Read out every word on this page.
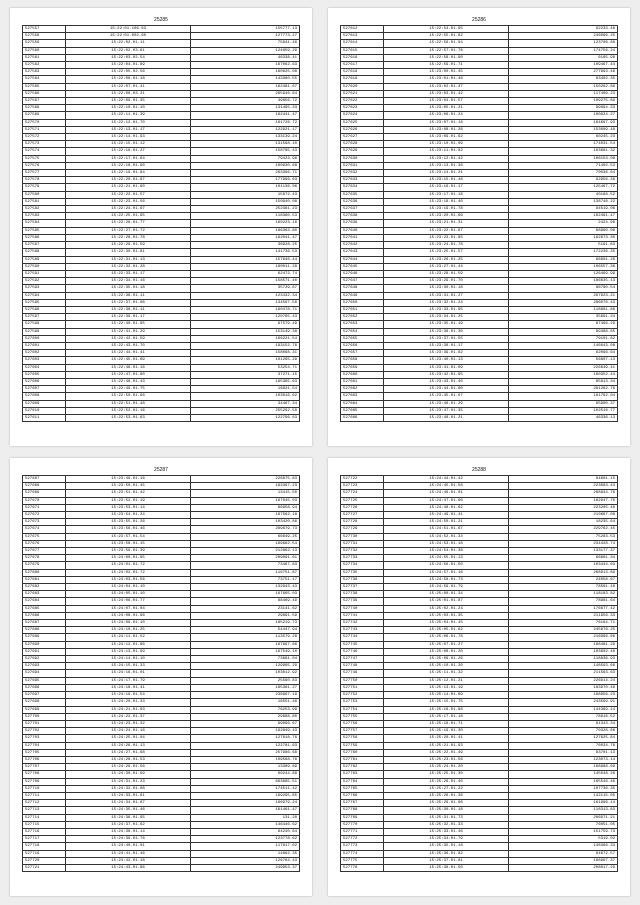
25285
527557	15:22:01.106.63	155777.13
527558	15:22:01.002.60	127773.27
527559	15:22:02.01.11	75841.46
527560	15:22:02.03.61	124859.29
527561	15:22:03.02.54	46338.41
527562	15:22:04.01.89	167062.63
527563	15:22:05.02.56	160625.08
527564	15:22:06.01.18	143360.55
527565	15:22:07.01.41	162481.67
527566	15:22:08.03.21	265946.64
527567	15:22:09.01.35	49656.72
527568	15:22:10.01.10	131495.33
527569	15:22:11.01.39	162441.47
527570	15:22:12.01.70	161726.72
527571	15:22:13.01.17	122921.17
527572	15:22:14.01.93	133139.24
527573	15:22:15.01.12	131598.10
527574	15:22:16.01.27	158785.43
527575	15:22:17.01.64	79423.96
527576	15:22:18.01.90	100930.68
527577	15:22:19.01.84	263396.71
527578	15:22:20.01.67	177996.63
527579	15:22:21.01.90	101136.06
527580	15:22:22.01.57	15872.43
527581	15:22:23.01.56	150940.08
527582	15:22:24.01.67	252361.23
527583	15:22:25.01.95	118360.53
527584	15:22:26.01.77	160223.16
527585	15:22:27.01.72	186363.80
527586	15:22:28.01.78	162041.47
527587	15:22:29.01.59	36928.25
527588	15:22:30.01.81	141736.53
527589	15:22:31.01.13	157646.44
527590	15:22:32.01.28	180011.28
527591	15:22:33.01.17	62472.74
527592	15:22:34.01.16	158571.40
527593	15:22:35.01.18	35729.67
527594	15:22:36.01.11	123432.34
527595	15:22:37.01.06	134597.56
527596	15:22:38.01.11	160478.71
527597	15:22:39.01.17	120765.43
527598	15:22:40.01.95	97579.49
527599	15:22:41.01.29	153149.38
527600	15:22:42.01.59	166221.54
527601	15:22:43.01.70	183152.76
527602	15:22:44.01.41	158068.31
527603	15:22:45.01.69	101295.29
527604	15:22:46.01.16	53254.71
527605	15:22:47.01.80	37271.15
527606	15:22:48.01.43	165365.63
527607	15:22:49.01.75	16621.54
527608	15:22:50.01.96	103016.62
527609	15:22:51.01.48	34467.34
527610	15:22:52.01.16	255292.58
527611	15:22:53.01.63	122796.63
25286
527612	15:22:54.01.95	92233.48
527613	15:22:55.01.82	246096.25
527614	15:22:56.01.94	123706.88
527615	15:22:57.01.76	174756.24
527616	15:22:58.01.90	6165.98
527617	15:22:59.01.71	109467.44
527618	15:23:00.01.45	277993.46
527619	15:23:01.01.46	63402.35
527620	15:23:02.01.47	150292.89
527621	15:23:03.01.42	117409.23
527622	15:23:04.01.57	109275.89
527623	15:23:05.01.21	99694.33
527624	15:23:06.01.24	100934.27
527625	15:23:07.01.18	164697.93
527626	15:23:08.01.26	153009.48
527627	15:23:09.01.62	60245.23
527628	15:23:10.01.09	174031.54
527629	15:23:11.01.82	103681.32
527630	15:23:12.01.42	106153.08
527631	15:23:13.01.36	71402.53
527632	15:23:14.01.21	70036.64
527633	15:23:15.01.48	92956.36
527634	15:23:16.01.17	125467.72
527635	15:23:17.01.18	40188.52
527636	15:23:18.01.40	138748.22
527637	15:23:19.01.78	84519.06
527638	15:23:20.01.66	162491.47
527639	15:23:21.01.31	2424.96
527640	15:23:22.01.87	88990.06
527641	15:23:23.01.85	162673.30
527642	15:23:24.01.78	5191.83
527643	15:23:25.01.57	172236.35
527644	15:23:26.01.25	86901.26
527645	15:23:27.01.44	106557.36
527646	15:23:28.01.59	126469.99
527647	15:23:29.01.70	186635.13
527648	15:23:30.01.18	86790.54
527649	15:23:31.01.27	297923.21
527650	15:23:32.01.24	286076.43
527651	15:23:33.01.95	118681.86
527652	15:23:34.01.25	35691.24
527653	15:23:35.01.19	87496.29
527654	15:23:36.01.30	89488.65
527655	15:23:37.01.55	79101.82
527656	15:23:38.01.17	146643.08
527657	15:23:39.01.82	62096.64
527658	15:23:40.01.13	56807.13
527659	15:23:41.01.09	226649.41
527660	15:23:42.01.65	160352.44
527661	15:23:43.01.40	85813.34
527662	15:23:44.01.80	281262.76
527663	15:23:45.01.67	181762.04
527664	15:23:46.01.29	95900.37
527665	15:23:47.01.35	102516.77
527666	15:23:48.01.21	46336.13
25287
527667	15:23:49.01.16	226875.83
527668	15:23:50.01.45	183397.23
527669	15:23:51.01.42	13415.50
527670	15:23:52.01.19	167045.03
527671	15:23:53.01.14	66958.94
527672	15:23:54.01.24	187562.18
527673	15:23:55.01.26	103420.86
527674	15:23:56.01.46	289679.73
527675	15:23:57.01.54	66649.25
527676	15:23:58.01.15	169662.54
527677	15:23:59.01.39	212862.13
527678	15:24:00.01.95	209091.61
527679	15:24:01.01.72	73467.83
527680	15:24:02.01.72	116751.87
527681	15:24:03.01.56	73751.17
527682	15:24:04.01.10	132943.43
527683	15:24:05.01.10	167665.03
527684	15:24:06.01.77	88469.49
527685	15:24:07.01.04	23141.62
527686	15:24:08.01.96	29891.59
527687	15:24:09.01.10	185219.73
527688	15:24:10.01.25	54447.94
527689	15:24:11.01.52	113579.28
527690	15:24:12.01.86	167697.66
527691	15:24:13.01.99	167549.10
527692	15:24:14.01.10	73661.04
527693	15:24:15.01.33	129965.29
527694	15:24:16.01.01	103012.92
527695	15:24:17.01.79	25590.83
527696	15:24:18.01.41	185361.27
527697	15:24:19.01.54	236967.19
527698	15:24:20.01.33	16551.46
527699	15:24:21.01.63	76253.99
527700	15:24:22.01.37	29688.80
527701	15:24:23.01.32	99096.67
527702	15:24:24.01.16	192849.43
527703	15:24:25.01.04	127818.76
527704	15:24:26.01.13	122781.63
527705	15:24:27.01.68	257986.68
527706	15:24:28.01.53	109568.76
527707	15:24:29.01.56	13389.89
527708	15:24:30.01.99	60244.89
527709	15:24:31.01.23	663685.51
527710	15:24:32.01.08	174511.42
527711	15:24:33.01.61	169295.85
527712	15:24:34.01.87	166979.24
527713	15:24:35.01.46	161461.47
527714	15:24:36.01.95	131.28
527715	15:24:37.01.62	146446.62
527716	15:24:38.01.14	64240.64
527717	15:24:39.01.76	123778.62
527718	15:24:40.01.01	117917.02
527719	15:24:41.01.46	14862.35
527720	15:24:42.01.18	126764.43
527721	15:24:43.01.86	249953.37
25288
527722	15:24:44.01.42	84801.15
527723	15:24:45.01.58	223083.43
527724	15:24:46.01.01	288834.76
527725	15:24:47.01.66	182947.70
527726	15:24:48.01.62	223205.48
527727	15:24:49.01.41	210667.08
527728	15:24:50.01.21	18235.64
527729	15:24:51.01.67	229762.45
527730	15:24:52.01.34	75283.53
527731	15:24:53.01.18	234428.74
527732	15:24:54.01.36	133177.37
527733	15:24:55.01.13	66661.34
527734	15:24:56.01.50	103444.63
527735	15:24:57.01.16	268913.89
527736	15:24:58.01.73	24058.67
527737	15:24:59.01.79	78561.18
527738	15:25:00.01.34	118183.82
527739	15:25:01.01.87	78981.64
527740	15:25:02.01.24	176677.42
527741	15:25:03.01.35	211956.33
527742	15:25:04.01.45	76164.71
527743	15:25:05.01.62	245676.25
527744	15:25:06.01.78	216966.66
527745	15:25:07.01.27	168481.29
527746	15:25:08.01.20	103602.48
527747	15:25:09.01.26	118836.93
527748	15:25:10.01.20	148593.66
527749	15:25:11.01.32	211563.63
527750	15:25:12.01.21	226914.24
527751	15:25:13.01.19	183970.49
527752	15:25:14.01.69	188956.23
527753	15:25:15.01.75	243599.91
527754	15:25:16.01.98	144369.14
527755	15:25:17.01.18	78916.52
527756	15:25:18.01.71	61343.34
527757	15:25:19.01.30	70328.66
527758	15:25:20.01.41	127625.84
527759	15:25:21.01.93	76034.76
527760	15:25:22.01.49	83701.13
527761	15:25:23.01.56	123073.14
527762	15:25:24.01.20	168988.69
527763	15:25:25.01.30	145048.26
527764	15:25:26.01.40	165546.46
527765	15:25:27.01.22	107736.35
527766	15:25:28.01.36	142115.05
527767	15:25:29.01.66	161996.14
527768	15:25:30.01.18	118313.83
527769	15:25:31.01.73	206971.21
527770	15:25:32.01.33	76051.05
527771	15:25:33.01.46	151759.73
527772	15:25:34.01.79	5319.02
527773	15:25:35.01.18	148366.33
527774	15:25:36.01.82	84672.57
527775	15:25:37.01.81	168967.37
527776	15:25:38.01.50	208017.29
